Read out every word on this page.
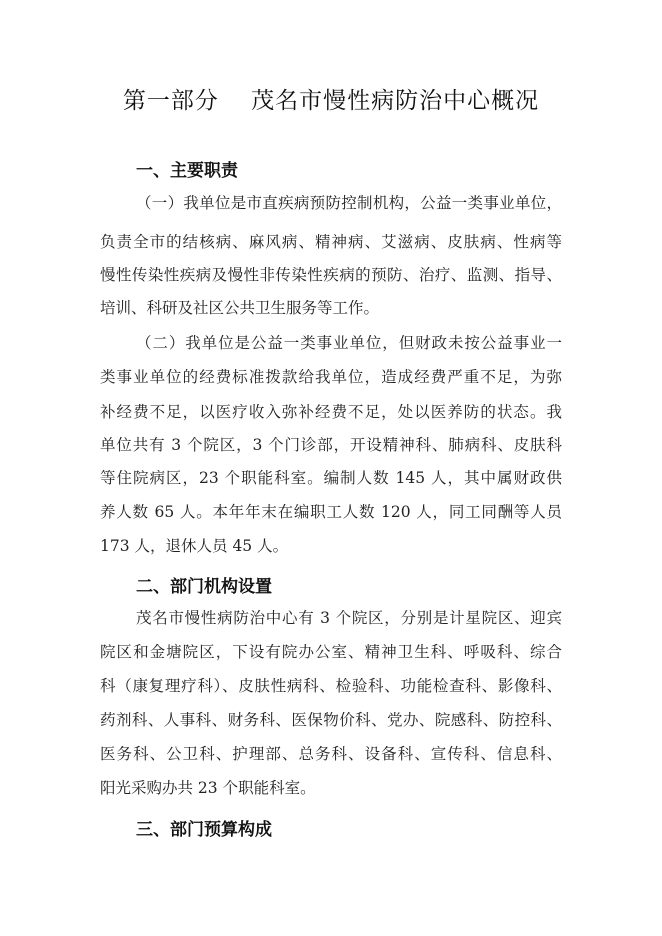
第一部分　 茂名市慢性病防治中心概况
一、主要职责
（一）我单位是市直疾病预防控制机构，公益一类事业单位，
负责全市的结核病、麻风病、精神病、艾滋病、皮肤病、性病等
慢性传染性疾病及慢性非传染性疾病的预防、治疗、监测、指导、
培训、科研及社区公共卫生服务等工作。
（二）我单位是公益一类事业单位，但财政未按公益事业一
类事业单位的经费标准拨款给我单位，造成经费严重不足，为弥
补经费不足，以医疗收入弥补经费不足，处以医养防的状态。我
单位共有 3 个院区，3 个门诊部，开设精神科、肺病科、皮肤科
等住院病区，23 个职能科室。编制人数 145 人，其中属财政供
养人数 65 人。本年年末在编职工人数 120 人，同工同酬等人员
173 人，退休人员 45 人。
二、部门机构设置
茂名市慢性病防治中心有 3 个院区，分别是计星院区、迎宾
院区和金塘院区，下设有院办公室、精神卫生科、呼吸科、综合
科（康复理疗科）、皮肤性病科、检验科、功能检查科、影像科、
药剂科、人事科、财务科、医保物价科、党办、院感科、防控科、
医务科、公卫科、护理部、总务科、设备科、宣传科、信息科、
阳光采购办共 23 个职能科室。
三、部门预算构成
